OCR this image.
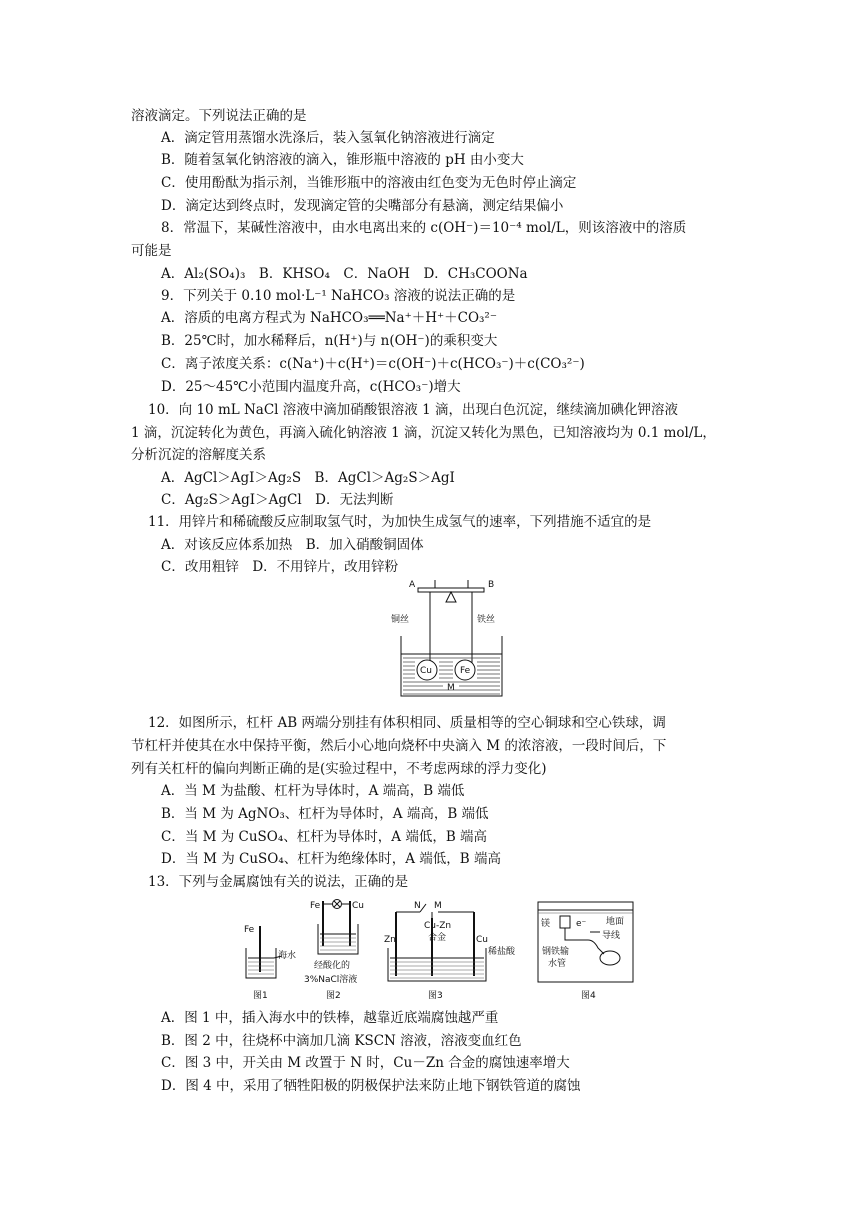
溶液滴定。下列说法正确的是
A．滴定管用蒸馏水洗涤后，装入氢氧化钠溶液进行滴定
B．随着氢氧化钠溶液的滴入，锥形瓶中溶液的 pH 由小变大
C．使用酚酞为指示剂，当锥形瓶中的溶液由红色变为无色时停止滴定
D．滴定达到终点时，发现滴定管的尖嘴部分有悬滴，测定结果偏小
8．常温下，某碱性溶液中，由水电离出来的 c(OH⁻)＝10⁻⁴ mol/L，则该溶液中的溶质
可能是
A．Al₂(SO₄)₃　B．KHSO₄　C．NaOH　D．CH₃COONa
9．下列关于 0.10 mol·L⁻¹ NaHCO₃ 溶液的说法正确的是
A．溶质的电离方程式为 NaHCO₃══Na⁺＋H⁺＋CO₃²⁻
B．25℃时，加水稀释后，n(H⁺)与 n(OH⁻)的乘积变大
C．离子浓度关系：c(Na⁺)＋c(H⁺)＝c(OH⁻)＋c(HCO₃⁻)＋c(CO₃²⁻)
D．25～45℃小范围内温度升高，c(HCO₃⁻)增大
10．向 10 mL NaCl 溶液中滴加硝酸银溶液 1 滴，出现白色沉淀，继续滴加碘化钾溶液
1 滴，沉淀转化为黄色，再滴入硫化钠溶液 1 滴，沉淀又转化为黑色，已知溶液均为 0.1 mol/L，
分析沉淀的溶解度关系
A．AgCl＞AgI＞Ag₂S　B．AgCl＞Ag₂S＞AgI
C．Ag₂S＞AgI＞AgCl　D．无法判断
11．用锌片和稀硫酸反应制取氢气时，为加快生成氢气的速率，下列措施不适宜的是
A．对该反应体系加热　B．加入硝酸铜固体
C．改用粗锌　D．不用锌片，改用锌粉
A	B
铜丝	铁丝
Cu	Fe
M
12．如图所示，杠杆 AB 两端分别挂有体积相同、质量相等的空心铜球和空心铁球，调
节杠杆并使其在水中保持平衡，然后小心地向烧杯中央滴入 M 的浓溶液，一段时间后，下
列有关杠杆的偏向判断正确的是(实验过程中，不考虑两球的浮力变化)
A．当 M 为盐酸、杠杆为导体时，A 端高，B 端低
B．当 M 为 AgNO₃、杠杆为导体时，A 端高，B 端低
C．当 M 为 CuSO₄、杠杆为导体时，A 端低，B 端高
D．当 M 为 CuSO₄、杠杆为绝缘体时，A 端低，B 端高
13．下列与金属腐蚀有关的说法，正确的是
Fe
海水
图1
Fe	Cu
经酸化的
3%NaCl溶液
图2
N M
Cu-Zn
合金
Zn	Cu
稀盐酸
图3
镁	e⁻ 地面
导线
钢铁输
水管
图4
A．图 1 中，插入海水中的铁棒，越靠近底端腐蚀越严重
B．图 2 中，往烧杯中滴加几滴 KSCN 溶液，溶液变血红色
C．图 3 中，开关由 M 改置于 N 时，Cu－Zn 合金的腐蚀速率增大
D．图 4 中，采用了牺牲阳极的阴极保护法来防止地下钢铁管道的腐蚀
